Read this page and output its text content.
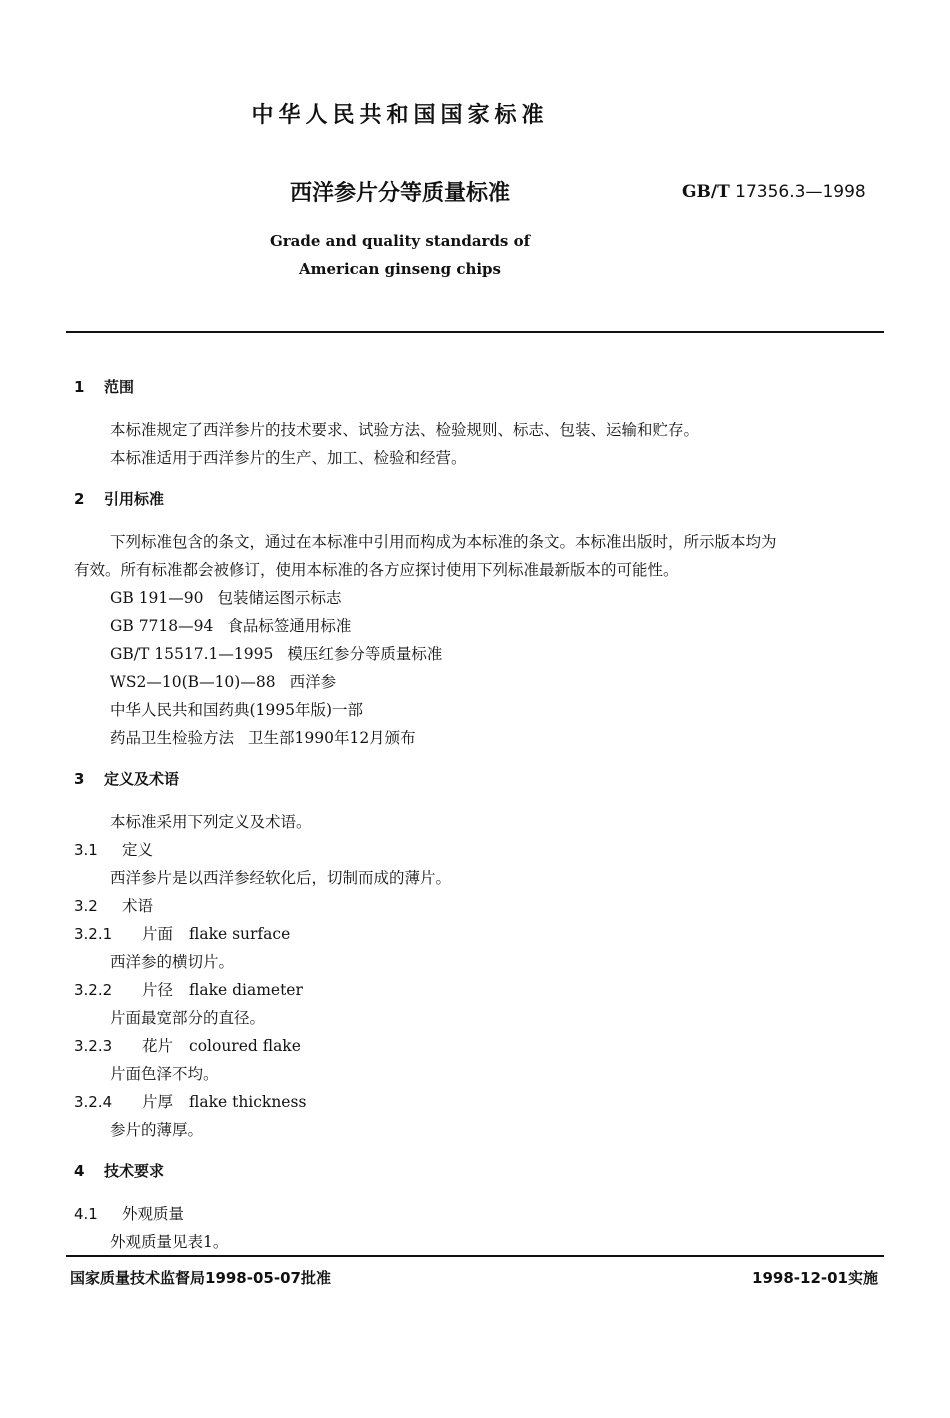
中华人民共和国国家标准
西洋参片分等质量标准	GB/T 17356.3—1998
Grade and quality standards of
American ginseng chips
1 范围
本标准规定了西洋参片的技术要求、试验方法、检验规则、标志、包装、运输和贮存。
本标准适用于西洋参片的生产、加工、检验和经营。
2 引用标准
下列标准包含的条文，通过在本标准中引用而构成为本标准的条文。本标准出版时，所示版本均为
有效。所有标准都会被修订，使用本标准的各方应探讨使用下列标准最新版本的可能性。
GB 191—90 包装储运图示标志
GB 7718—94 食品标签通用标准
GB/T 15517.1—1995 模压红参分等质量标准
WS2—10(B—10)—88 西洋参
中华人民共和国药典(1995年版)一部
药品卫生检验方法 卫生部1990年12月颁布
3 定义及术语
本标准采用下列定义及术语。
3.1 定义
西洋参片是以西洋参经软化后，切制而成的薄片。
3.2 术语
3.2.1 片面 flake surface
西洋参的横切片。
3.2.2 片径 flake diameter
片面最宽部分的直径。
3.2.3 花片 coloured flake
片面色泽不均。
3.2.4 片厚 flake thickness
参片的薄厚。
4 技术要求
4.1 外观质量
外观质量见表1。
国家质量技术监督局1998-05-07批准	1998-12-01实施
